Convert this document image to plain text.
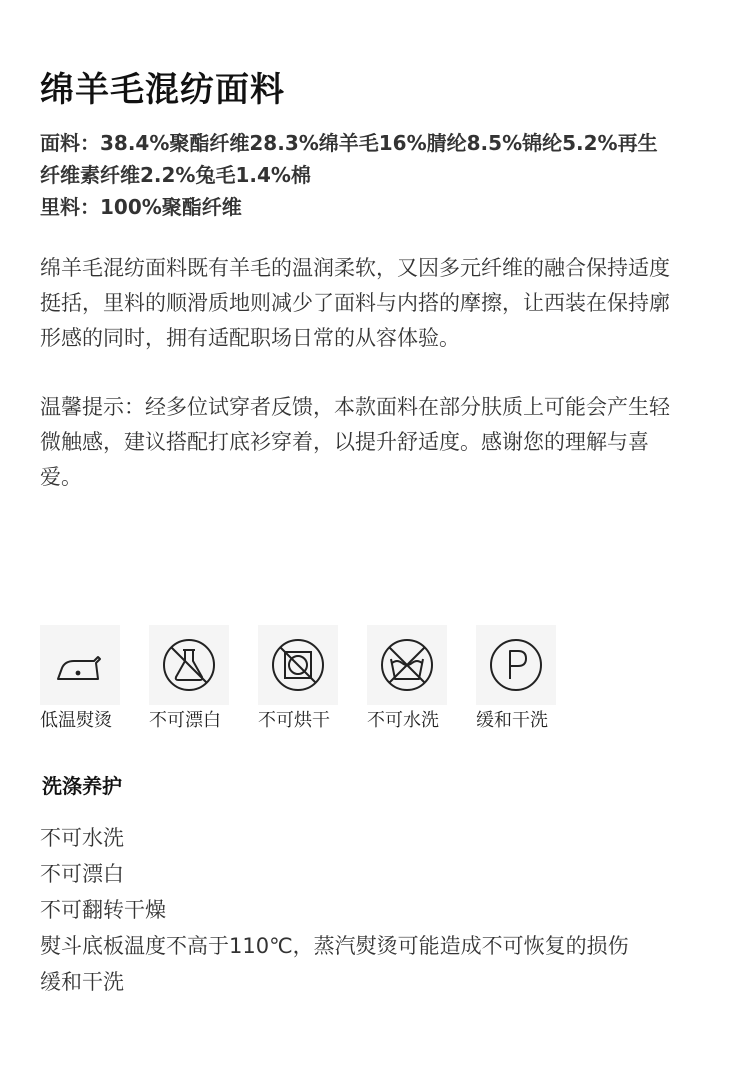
绵羊毛混纺面料
面料：38.4%聚酯纤维28.3%绵羊毛16%腈纶8.5%锦纶5.2%再生
纤维素纤维2.2%兔毛1.4%棉
里料：100%聚酯纤维
绵羊毛混纺面料既有羊毛的温润柔软，又因多元纤维的融合保持适度
挺括，里料的顺滑质地则减少了面料与内搭的摩擦，让西装在保持廓
形感的同时，拥有适配职场日常的从容体验。
温馨提示：经多位试穿者反馈，本款面料在部分肤质上可能会产生轻
微触感，建议搭配打底衫穿着，以提升舒适度。感谢您的理解与喜
爱。
低温熨烫	不可漂白	不可烘干	不可水洗	缓和干洗
洗涤养护
不可水洗
不可漂白
不可翻转干燥
熨斗底板温度不高于110℃，蒸汽熨烫可能造成不可恢复的损伤
缓和干洗
